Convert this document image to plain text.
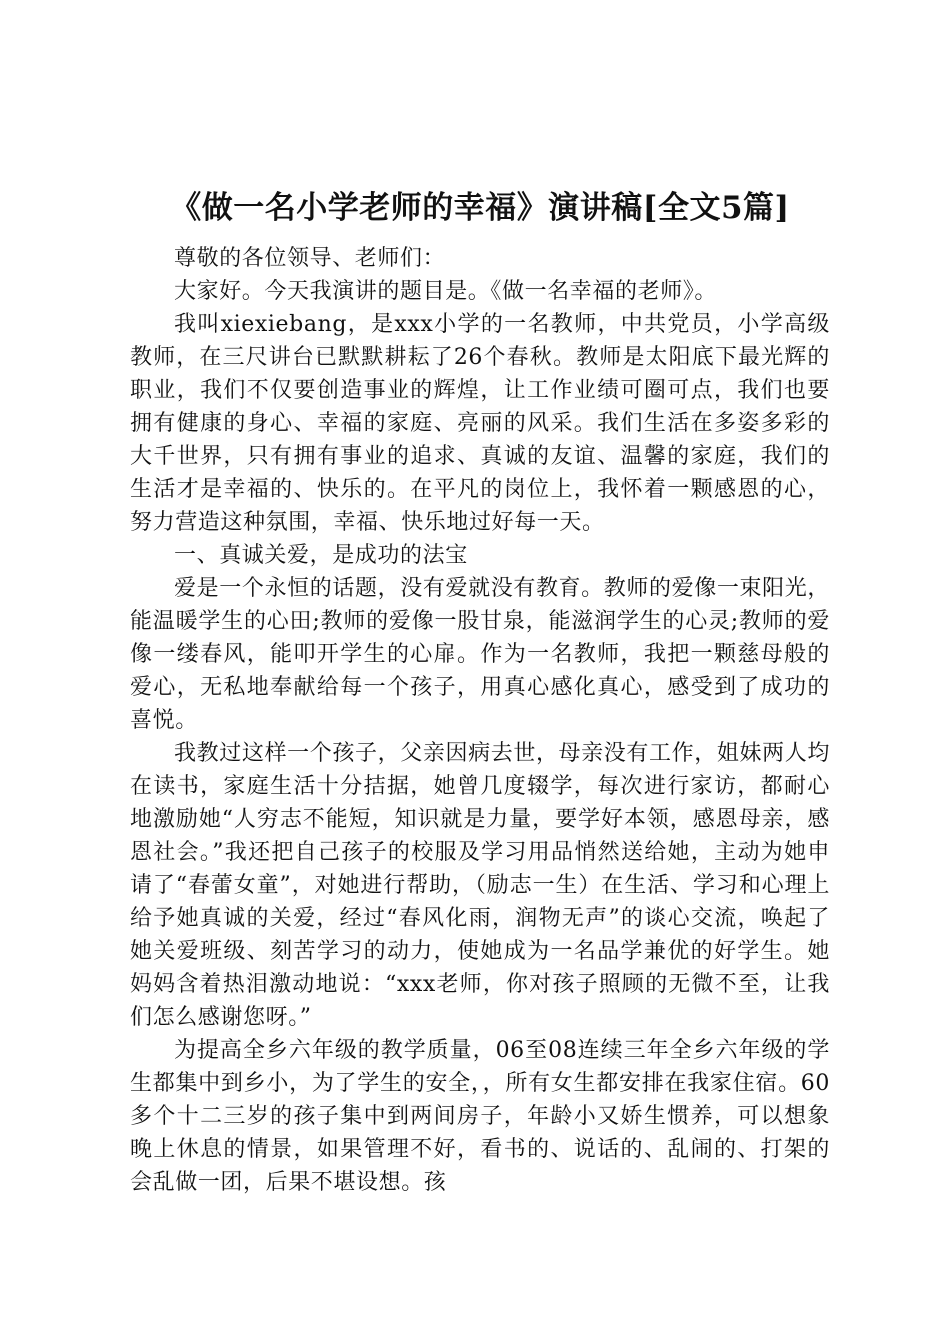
《做一名小学老师的幸福》演讲稿[全文5篇]

尊敬的各位领导、老师们：

大家好。今天我演讲的题目是。《做一名幸福的老师》。

我叫xiexiebang，是xxx小学的一名教师，中共党员，小学高级教师，在三尺讲台已默默耕耘了26个春秋。教师是太阳底下最光辉的职业，我们不仅要创造事业的辉煌，让工作业绩可圈可点，我们也要拥有健康的身心、幸福的家庭、亮丽的风采。我们生活在多姿多彩的大千世界，只有拥有事业的追求、真诚的友谊、温馨的家庭，我们的生活才是幸福的、快乐的。在平凡的岗位上，我怀着一颗感恩的心，努力营造这种氛围，幸福、快乐地过好每一天。

一、真诚关爱，是成功的法宝

爱是一个永恒的话题，没有爱就没有教育。教师的爱像一束阳光，能温暖学生的心田;教师的爱像一股甘泉，能滋润学生的心灵;教师的爱像一缕春风，能叩开学生的心扉。作为一名教师，我把一颗慈母般的爱心，无私地奉献给每一个孩子，用真心感化真心，感受到了成功的喜悦。

我教过这样一个孩子，父亲因病去世，母亲没有工作，姐妹两人均在读书，家庭生活十分拮据，她曾几度辍学，每次进行家访，都耐心地激励她“人穷志不能短，知识就是力量，要学好本领，感恩母亲，感恩社会。”我还把自己孩子的校服及学习用品悄然送给她，主动为她申请了“春蕾女童”，对她进行帮助，（励志一生）在生活、学习和心理上给予她真诚的关爱，经过“春风化雨，润物无声”的谈心交流，唤起了她关爱班级、刻苦学习的动力，使她成为一名品学兼优的好学生。她妈妈含着热泪激动地说：“xxx老师，你对孩子照顾的无微不至，让我们怎么感谢您呀。”

为提高全乡六年级的教学质量，06至08连续三年全乡六年级的学生都集中到乡小，为了学生的安全，，所有女生都安排在我家住宿。60多个十二三岁的孩子集中到两间房子，年龄小又娇生惯养，可以想象晚上休息的情景，如果管理不好，看书的、说话的、乱闹的、打架的会乱做一团，后果不堪设想。孩
